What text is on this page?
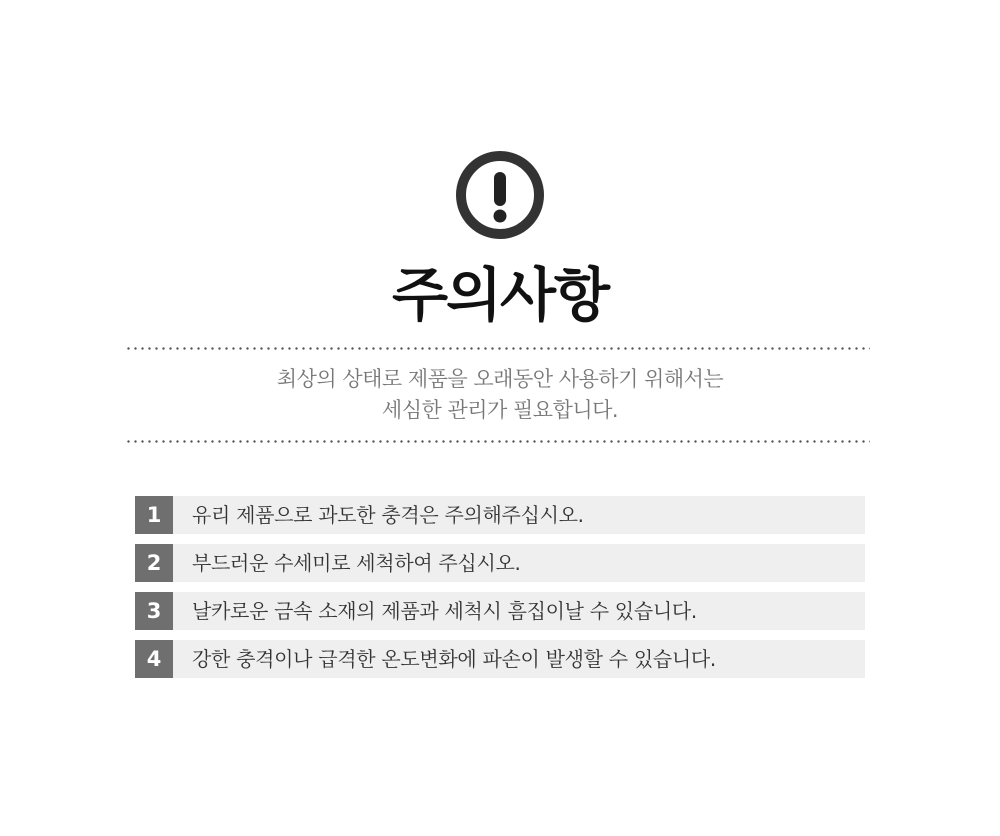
주의사항
최상의 상태로 제품을 오래동안 사용하기 위해서는
세심한 관리가 필요합니다.
1	유리 제품으로 과도한 충격은 주의해주십시오.
2	부드러운 수세미로 세척하여 주십시오.
3	날카로운 금속 소재의 제품과 세척시 흠집이날 수 있습니다.
4	강한 충격이나 급격한 온도변화에 파손이 발생할 수 있습니다.
